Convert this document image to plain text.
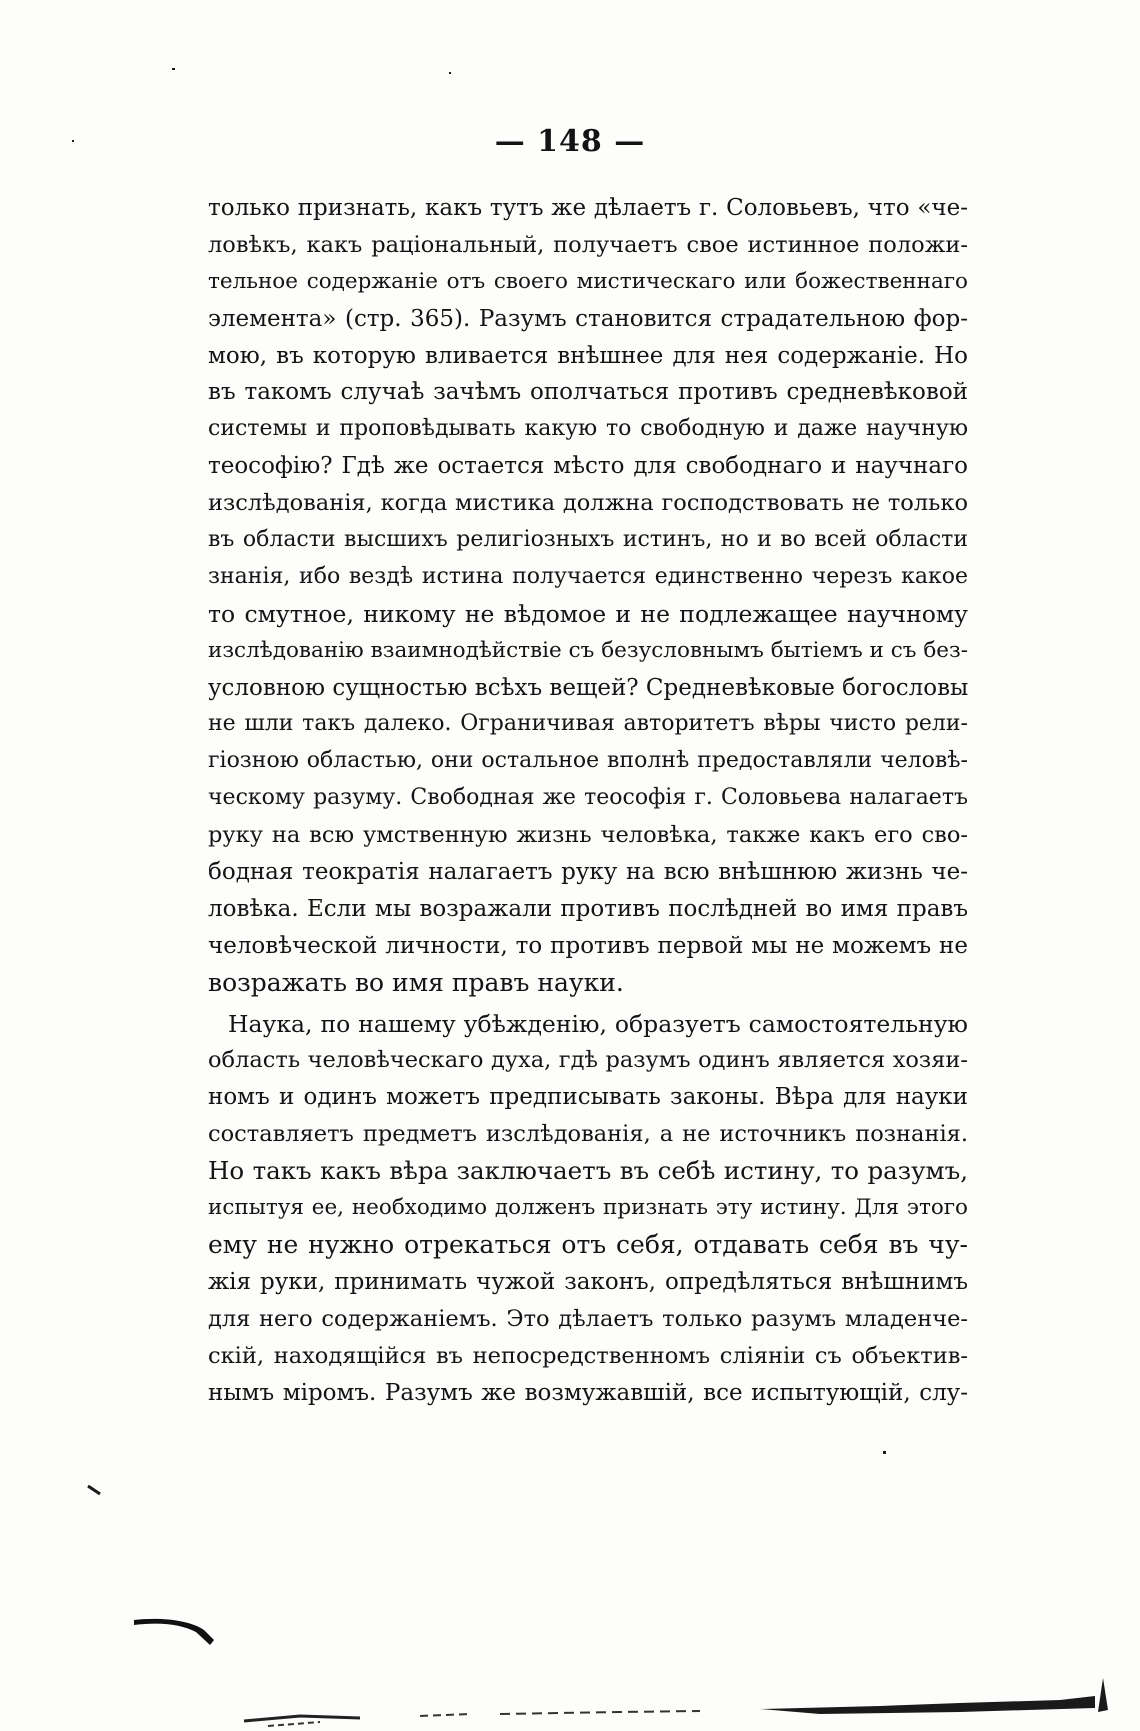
— 148 —
только признать, какъ тутъ же дѣлаетъ г. Соловьевъ, что «че-
ловѣкъ, какъ раціональный, получаетъ свое истинное положи-
тельное содержаніе отъ своего мистическаго или божественнаго
элемента» (стр. 365). Разумъ становится страдательною фор-
мою, въ которую вливается внѣшнее для нея содержаніе. Но
въ такомъ случаѣ зачѣмъ ополчаться противъ средневѣковой
системы и проповѣдывать какую то свободную и даже научную
теософію? Гдѣ же остается мѣсто для свободнаго и научнаго
изслѣдованія, когда мистика должна господствовать не только
въ области высшихъ религіозныхъ истинъ, но и во всей области
знанія, ибо вездѣ истина получается единственно черезъ какое
то смутное, никому не вѣдомое и не подлежащее научному
изслѣдованію взаимнодѣйствіе съ безусловнымъ бытіемъ и съ без-
условною сущностью всѣхъ вещей? Средневѣковые богословы
не шли такъ далеко. Ограничивая авторитетъ вѣры чисто рели-
гіозною областью, они остальное вполнѣ предоставляли человѣ-
ческому разуму. Свободная же теософія г. Соловьева налагаетъ
руку на всю умственную жизнь человѣка, также какъ его сво-
бодная теократія налагаетъ руку на всю внѣшнюю жизнь че-
ловѣка. Если мы возражали противъ послѣдней во имя правъ
человѣческой личности, то противъ первой мы не можемъ не
возражать во имя правъ науки.
Наука, по нашему убѣжденію, образуетъ самостоятельную
область человѣческаго духа, гдѣ разумъ одинъ является хозяи-
номъ и одинъ можетъ предписывать законы. Вѣра для науки
составляетъ предметъ изслѣдованія, а не источникъ познанія.
Но такъ какъ вѣра заключаетъ въ себѣ истину, то разумъ,
испытуя ее, необходимо долженъ признать эту истину. Для этого
ему не нужно отрекаться отъ себя, отдавать себя въ чу-
жія руки, принимать чужой законъ, опредѣляться внѣшнимъ
для него содержаніемъ. Это дѣлаетъ только разумъ младенче-
скій, находящійся въ непосредственномъ сліяніи съ объектив-
нымъ міромъ. Разумъ же возмужавшій, все испытующій, слу-
